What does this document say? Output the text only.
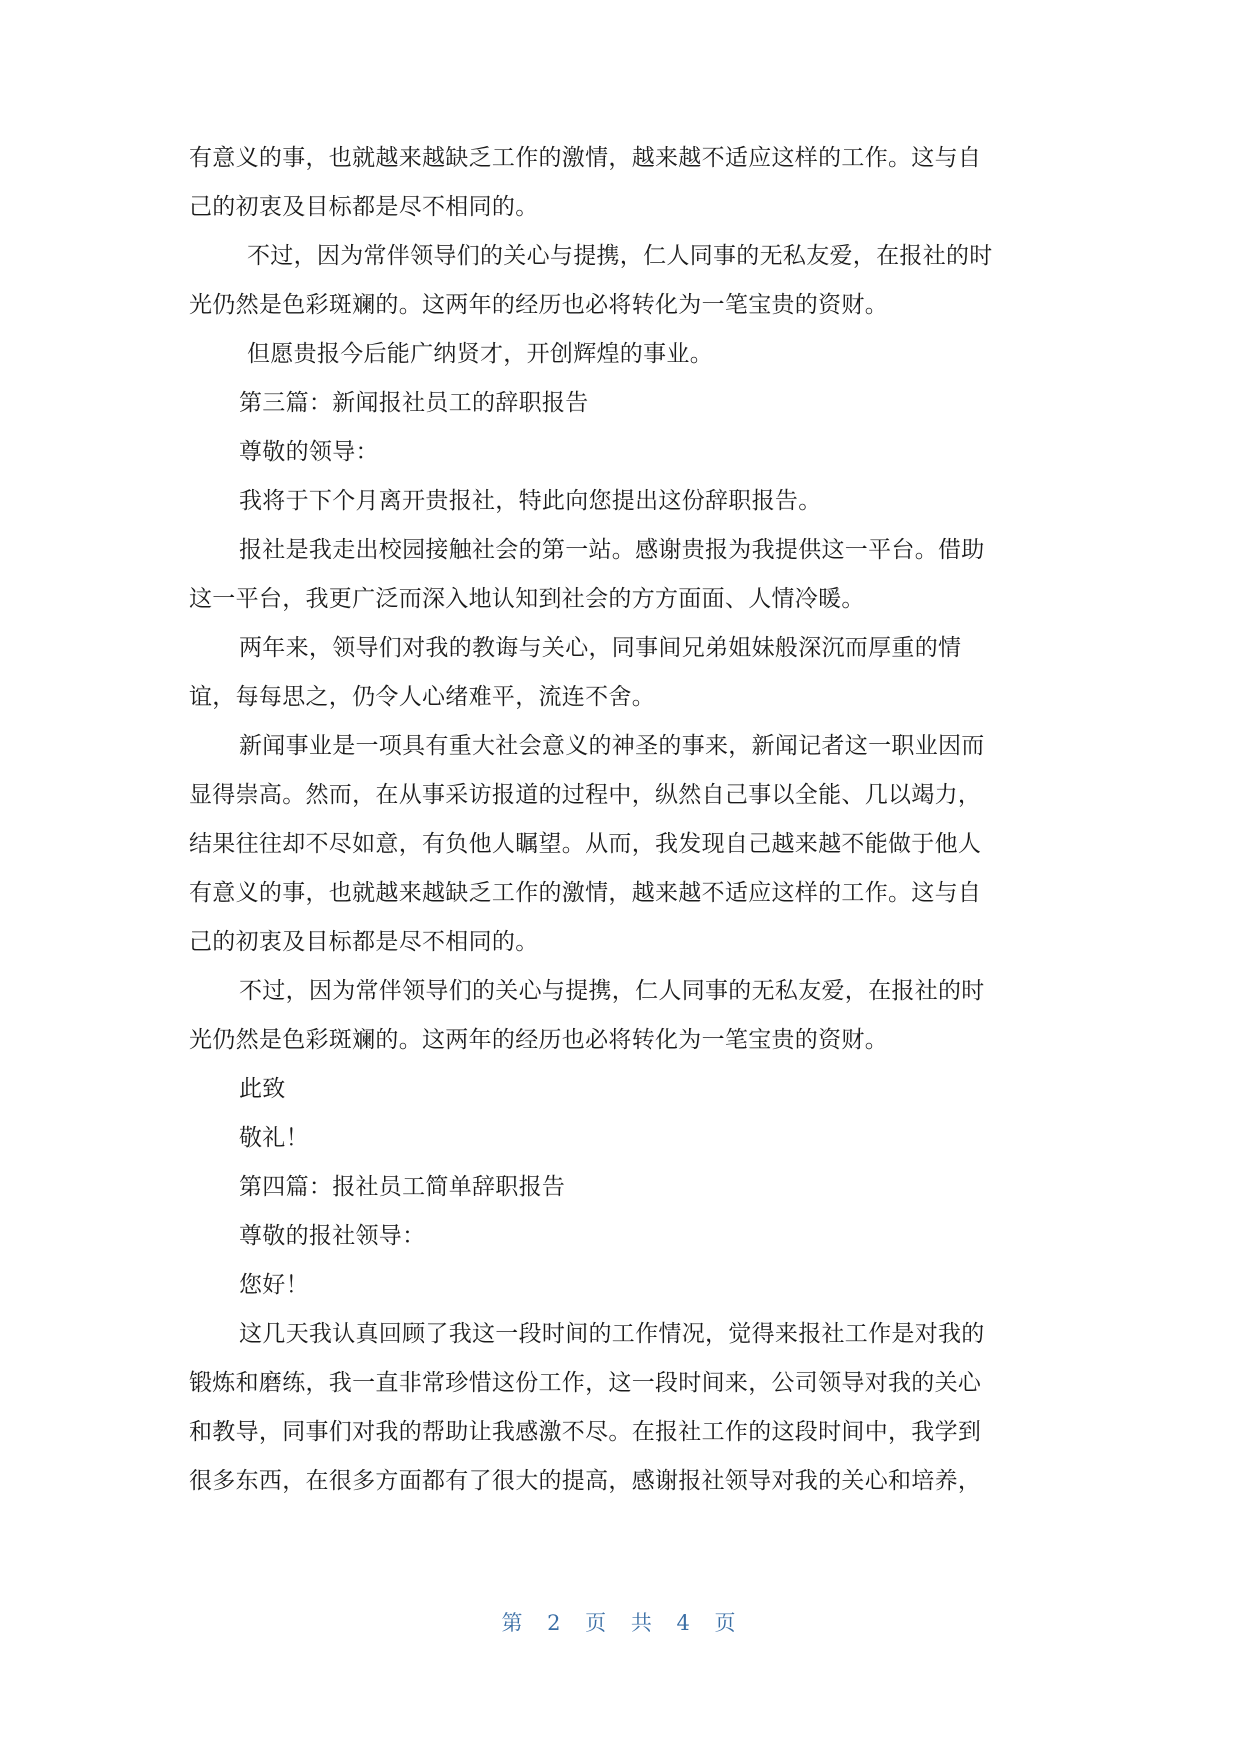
有意义的事，也就越来越缺乏工作的激情，越来越不适应这样的工作。这与自
己的初衷及目标都是尽不相同的。
不过，因为常伴领导们的关心与提携，仁人同事的无私友爱，在报社的时
光仍然是色彩斑斓的。这两年的经历也必将转化为一笔宝贵的资财。
但愿贵报今后能广纳贤才，开创辉煌的事业。
第三篇：新闻报社员工的辞职报告
尊敬的领导：
我将于下个月离开贵报社，特此向您提出这份辞职报告。
报社是我走出校园接触社会的第一站。感谢贵报为我提供这一平台。借助
这一平台，我更广泛而深入地认知到社会的方方面面、人情冷暖。
两年来，领导们对我的教诲与关心，同事间兄弟姐妹般深沉而厚重的情
谊，每每思之，仍令人心绪难平，流连不舍。
新闻事业是一项具有重大社会意义的神圣的事来，新闻记者这一职业因而
显得崇高。然而，在从事采访报道的过程中，纵然自己事以全能、几以竭力，
结果往往却不尽如意，有负他人瞩望。从而，我发现自己越来越不能做于他人
有意义的事，也就越来越缺乏工作的激情，越来越不适应这样的工作。这与自
己的初衷及目标都是尽不相同的。
不过，因为常伴领导们的关心与提携，仁人同事的无私友爱，在报社的时
光仍然是色彩斑斓的。这两年的经历也必将转化为一笔宝贵的资财。
此致
敬礼！
第四篇：报社员工简单辞职报告
尊敬的报社领导：
您好！
这几天我认真回顾了我这一段时间的工作情况，觉得来报社工作是对我的
锻炼和磨练，我一直非常珍惜这份工作，这一段时间来，公司领导对我的关心
和教导，同事们对我的帮助让我感激不尽。在报社工作的这段时间中，我学到
很多东西，在很多方面都有了很大的提高，感谢报社领导对我的关心和培养，
第 2 页 共 4 页
